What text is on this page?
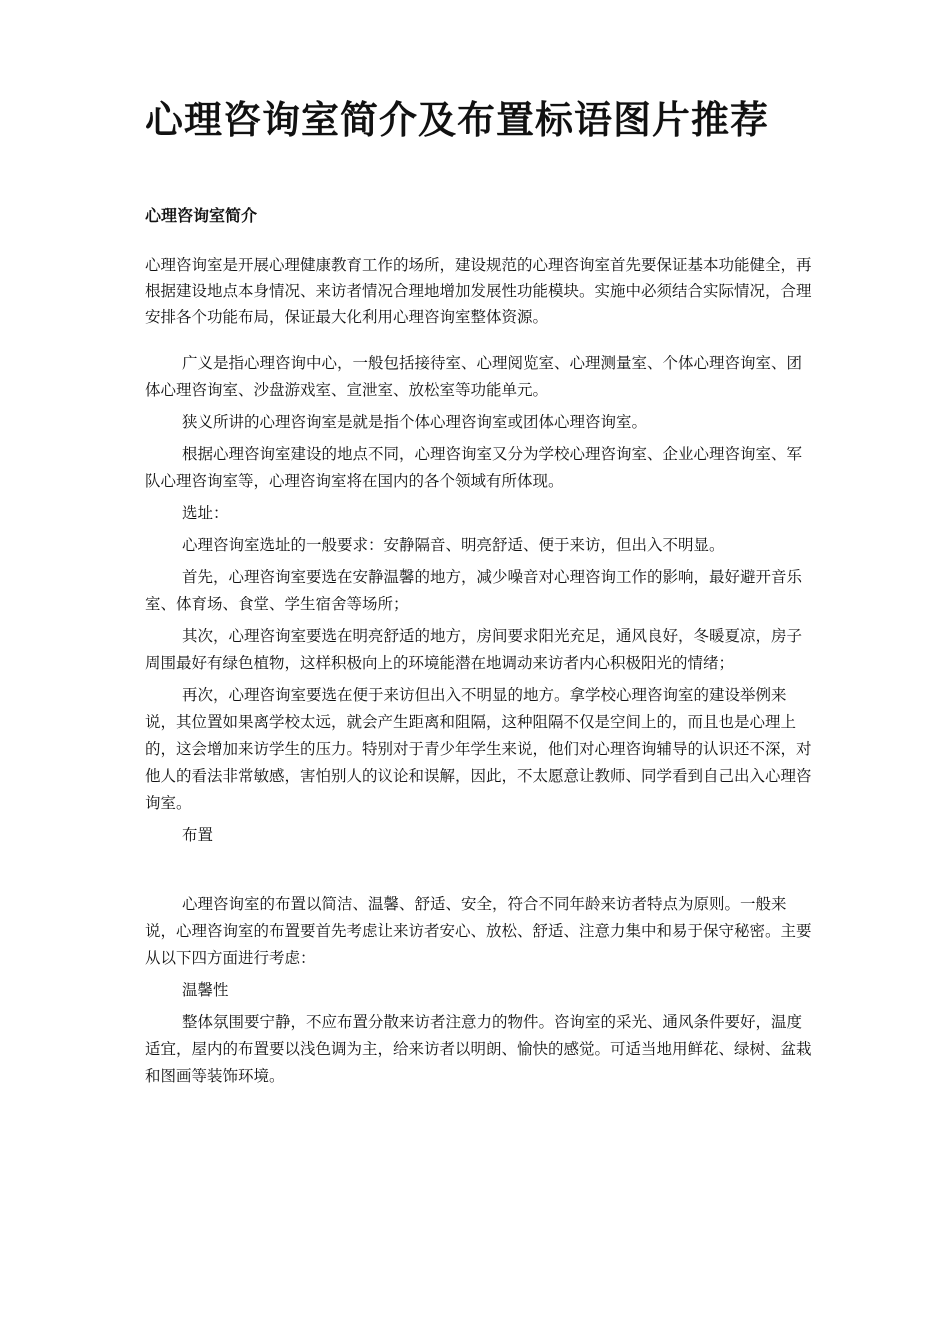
心理咨询室简介及布置标语图片推荐
心理咨询室简介

心理咨询室是开展心理健康教育工作的场所，建设规范的心理咨询室首先要保证基本功能健全，再根据建设地点本身情况、来访者情况合理地增加发展性功能模块。实施中必须结合实际情况，合理安排各个功能布局，保证最大化利用心理咨询室整体资源。

广义是指心理咨询中心，一般包括接待室、心理阅览室、心理测量室、个体心理咨询室、团体心理咨询室、沙盘游戏室、宣泄室、放松室等功能单元。

狭义所讲的心理咨询室是就是指个体心理咨询室或团体心理咨询室。

根据心理咨询室建设的地点不同，心理咨询室又分为学校心理咨询室、企业心理咨询室、军队心理咨询室等，心理咨询室将在国内的各个领域有所体现。

选址：

心理咨询室选址的一般要求：安静隔音、明亮舒适、便于来访，但出入不明显。

首先，心理咨询室要选在安静温馨的地方，减少噪音对心理咨询工作的影响，最好避开音乐室、体育场、食堂、学生宿舍等场所；

其次，心理咨询室要选在明亮舒适的地方，房间要求阳光充足，通风良好，冬暖夏凉，房子周围最好有绿色植物，这样积极向上的环境能潜在地调动来访者内心积极阳光的情绪；

再次，心理咨询室要选在便于来访但出入不明显的地方。拿学校心理咨询室的建设举例来说，其位置如果离学校太远，就会产生距离和阻隔，这种阻隔不仅是空间上的，而且也是心理上的，这会增加来访学生的压力。特别对于青少年学生来说，他们对心理咨询辅导的认识还不深，对他人的看法非常敏感，害怕别人的议论和误解，因此，不太愿意让教师、同学看到自己出入心理咨询室。

布置

心理咨询室的布置以简洁、温馨、舒适、安全，符合不同年龄来访者特点为原则。一般来说，心理咨询室的布置要首先考虑让来访者安心、放松、舒适、注意力集中和易于保守秘密。主要从以下四方面进行考虑：

温馨性

整体氛围要宁静，不应布置分散来访者注意力的物件。咨询室的采光、通风条件要好，温度适宜，屋内的布置要以浅色调为主，给来访者以明朗、愉快的感觉。可适当地用鲜花、绿树、盆栽和图画等装饰环境。
